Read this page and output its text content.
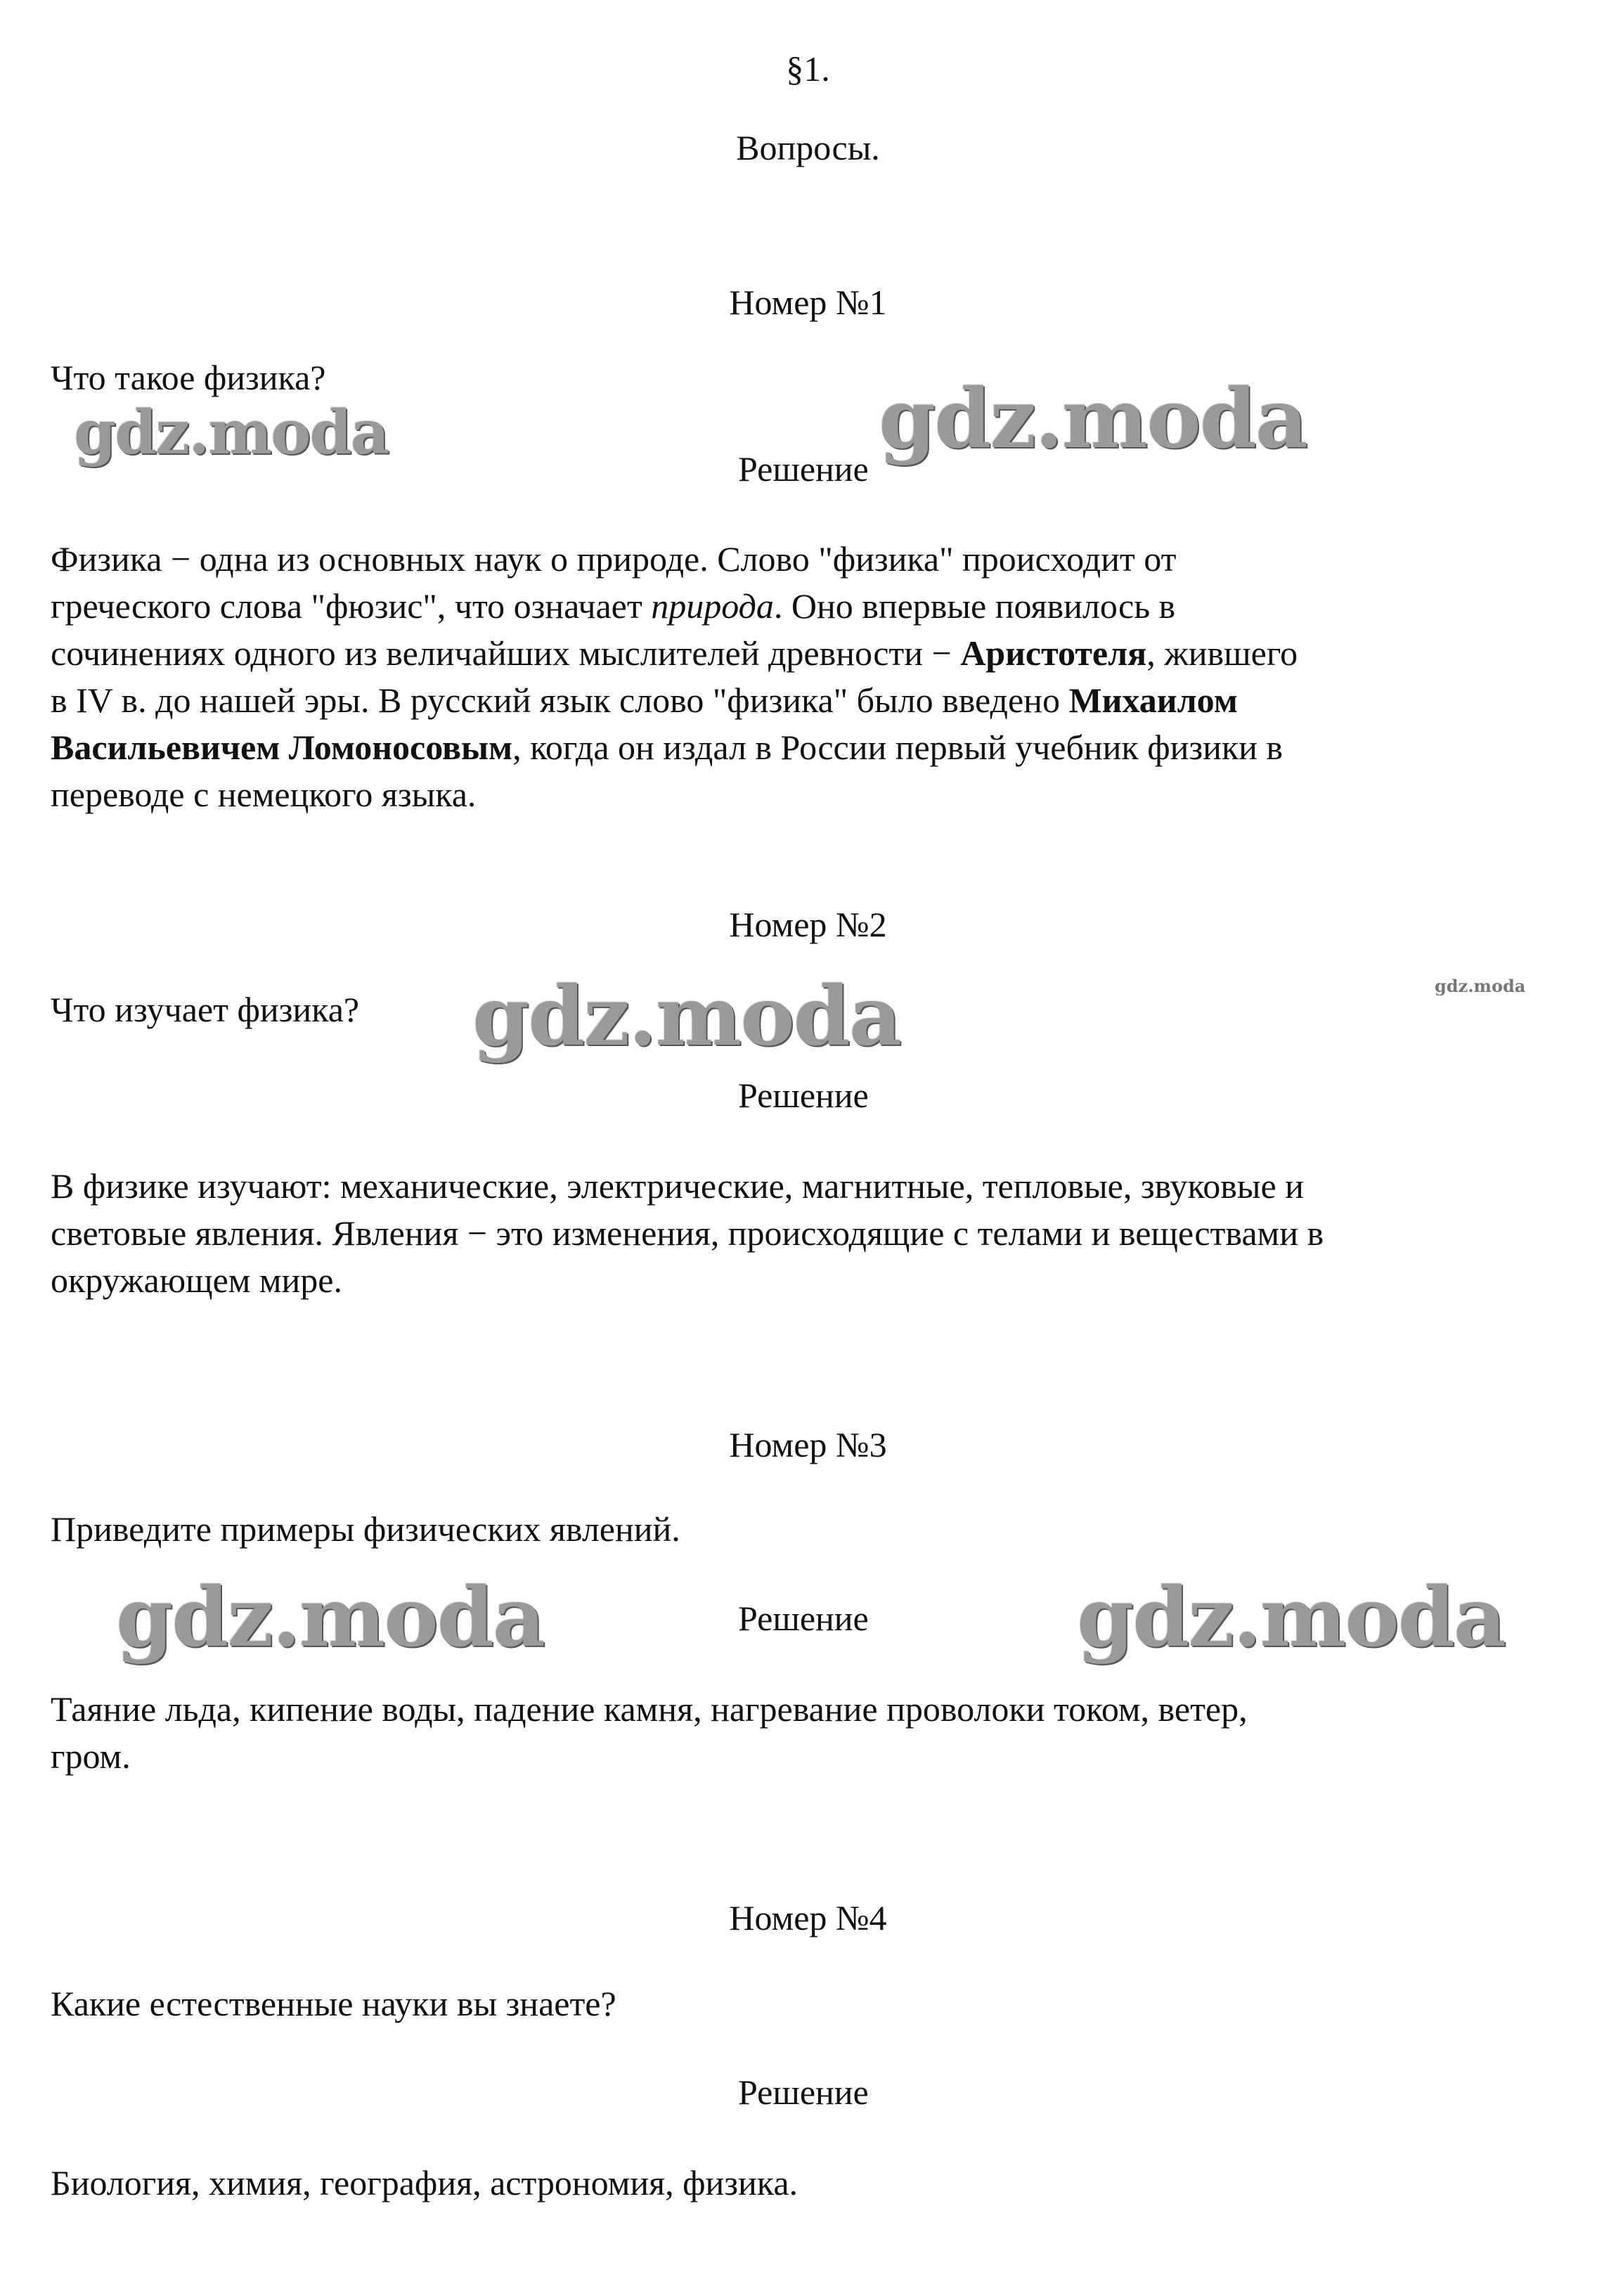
§1.
Вопросы.
Номер №1
Что такое физика?
gdz.moda
Решение
gdz.moda
Физика − одна из основных наук о природе. Слово "физика" происходит от
греческого слова "фюзис", что означает природа. Оно впервые появилось в
сочинениях одного из величайших мыслителей древности − Аристотеля, жившего
в IV в. до нашей эры. В русский язык слово "физика" было введено Михаилом
Васильевичем Ломоносовым, когда он издал в России первый учебник физики в
переводе с немецкого языка.
Номер №2
Что изучает физика? gdz.moda	gdz.moda
Решение
В физике изучают: механические, электрические, магнитные, тепловые, звуковые и
световые явления. Явления − это изменения, происходящие с телами и веществами в
окружающем мире.
Номер №3
Приведите примеры физических явлений.
gdz.moda	Решение	gdz.moda
Таяние льда, кипение воды, падение камня, нагревание проволоки током, ветер,
гром.
Номер №4
Какие естественные науки вы знаете?
Решение
Биология, химия, география, астрономия, физика.
